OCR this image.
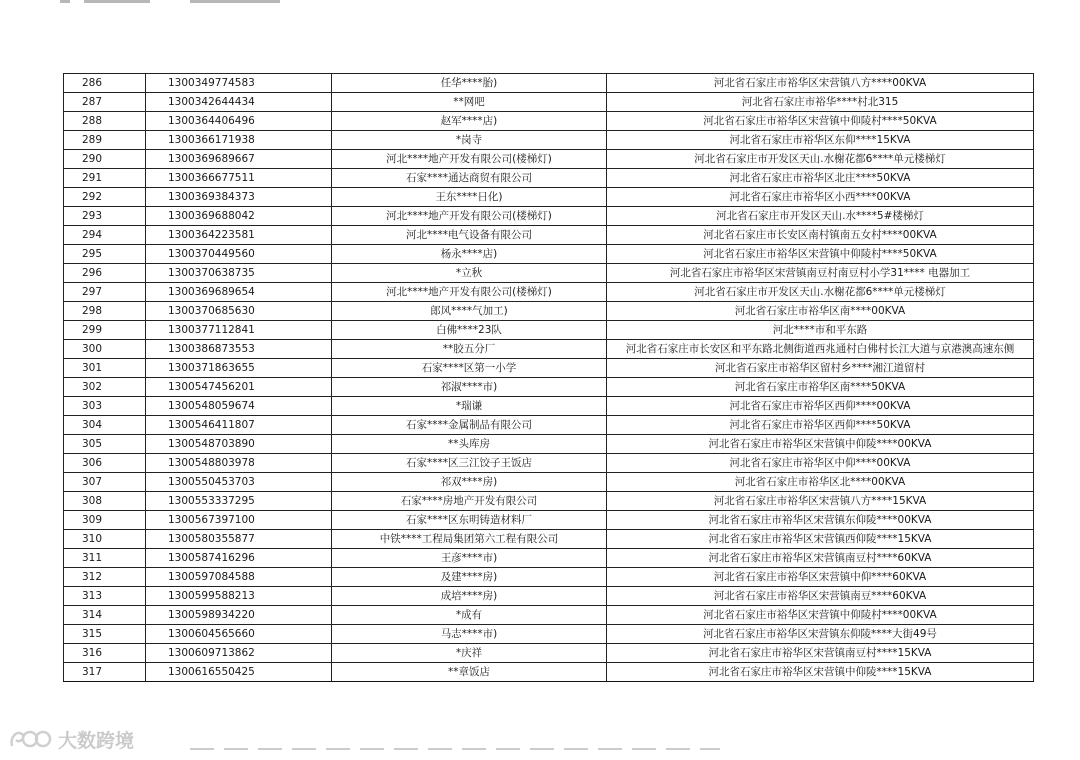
286	1300349774583	任华****胎)	河北省石家庄市裕华区宋营镇八方****00KVA
287	1300342644434	**网吧	河北省石家庄市裕华****村北315
288	1300364406496	赵军****店)	河北省石家庄市裕华区宋营镇中仰陵村****50KVA
289	1300366171938	*岗寺	河北省石家庄市裕华区东仰****15KVA
290	1300369689667	河北****地产开发有限公司(楼梯灯)	河北省石家庄市开发区天山.水榭花都6****单元楼梯灯
291	1300366677511	石家****通达商贸有限公司	河北省石家庄市裕华区北庄****50KVA
292	1300369384373	王东****日化)	河北省石家庄市裕华区小西****00KVA
293	1300369688042	河北****地产开发有限公司(楼梯灯)	河北省石家庄市开发区天山.水****5#楼梯灯
294	1300364223581	河北****电气设备有限公司	河北省石家庄市长安区南村镇南五女村****00KVA
295	1300370449560	杨永****店)	河北省石家庄市裕华区宋营镇中仰陵村****50KVA
296	1300370638735	*立秋	河北省石家庄市裕华区宋营镇南豆村南豆村小学31**** 电器加工
297	1300369689654	河北****地产开发有限公司(楼梯灯)	河北省石家庄市开发区天山.水榭花都6****单元楼梯灯
298	1300370685630	郎风****气加工)	河北省石家庄市裕华区南****00KVA
299	1300377112841	白佛****23队	河北****市和平东路
300	1300386873553	**胶五分厂	河北省石家庄市长安区和平东路北侧街道西兆通村白佛村长江大道与京港澳高速东侧
301	1300371863655	石家****区第一小学	河北省石家庄市裕华区留村乡****湘江道留村
302	1300547456201	祁淑****市)	河北省石家庄市裕华区南****50KVA
303	1300548059674	*瑞谦	河北省石家庄市裕华区西仰****00KVA
304	1300546411807	石家****金属制品有限公司	河北省石家庄市裕华区西仰****50KVA
305	1300548703890	**头库房	河北省石家庄市裕华区宋营镇中仰陵****00KVA
306	1300548803978	石家****区三江饺子王饭店	河北省石家庄市裕华区中仰****00KVA
307	1300550453703	祁双****房)	河北省石家庄市裕华区北****00KVA
308	1300553337295	石家****房地产开发有限公司	河北省石家庄市裕华区宋营镇八方****15KVA
309	1300567397100	石家****区东明铸造材料厂	河北省石家庄市裕华区宋营镇东仰陵****00KVA
310	1300580355877	中铁****工程局集团第六工程有限公司	河北省石家庄市裕华区宋营镇西仰陵****15KVA
311	1300587416296	王彦****市)	河北省石家庄市裕华区宋营镇南豆村****60KVA
312	1300597084588	及建****房)	河北省石家庄市裕华区宋营镇中仰****60KVA
313	1300599588213	成培****房)	河北省石家庄市裕华区宋营镇南豆****60KVA
314	1300598934220	*成有	河北省石家庄市裕华区宋营镇中仰陵村****00KVA
315	1300604565660	马志****市)	河北省石家庄市裕华区宋营镇东仰陵****大街49号
316	1300609713862	*庆祥	河北省石家庄市裕华区宋营镇南豆村****15KVA
317	1300616550425	**章饭店	河北省石家庄市裕华区宋营镇中仰陵****15KVA
大数跨境
